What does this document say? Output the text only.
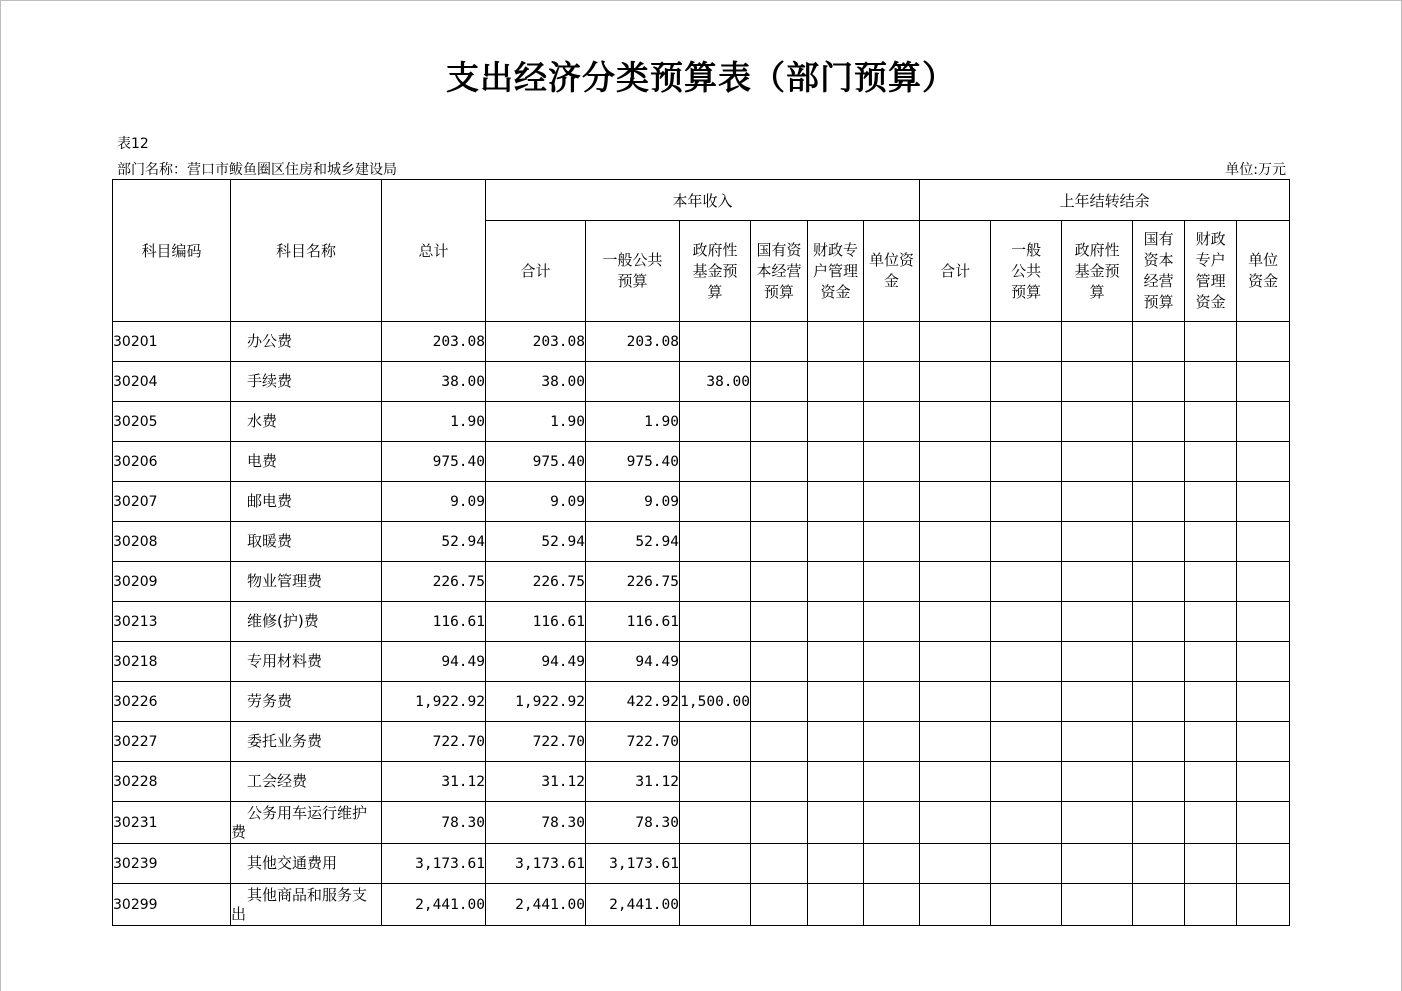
支出经济分类预算表（部门预算）
表12
部门名称：营口市鲅鱼圈区住房和城乡建设局	单位:万元
科目编码	科目名称	总计	本年收入						上年结转结余					
			合计	一般公共预算	政府性基金预算	国有资本经营预算	财政专户管理资金	单位资金	合计	一般公共预算	政府性基金预算	国有资本经营预算	财政专户管理资金	单位资金
30201	办公费	203.08	203.08	203.08										
30204	手续费	38.00	38.00		38.00									
30205	水费	1.90	1.90	1.90										
30206	电费	975.40	975.40	975.40										
30207	邮电费	9.09	9.09	9.09										
30208	取暖费	52.94	52.94	52.94										
30209	物业管理费	226.75	226.75	226.75										
30213	维修(护)费	116.61	116.61	116.61										
30218	专用材料费	94.49	94.49	94.49										
30226	劳务费	1,922.92	1,922.92	422.92	1,500.00									
30227	委托业务费	722.70	722.70	722.70										
30228	工会经费	31.12	31.12	31.12										
30231	公务用车运行维护费	78.30	78.30	78.30										
30239	其他交通费用	3,173.61	3,173.61	3,173.61										
30299	其他商品和服务支出	2,441.00	2,441.00	2,441.00										
